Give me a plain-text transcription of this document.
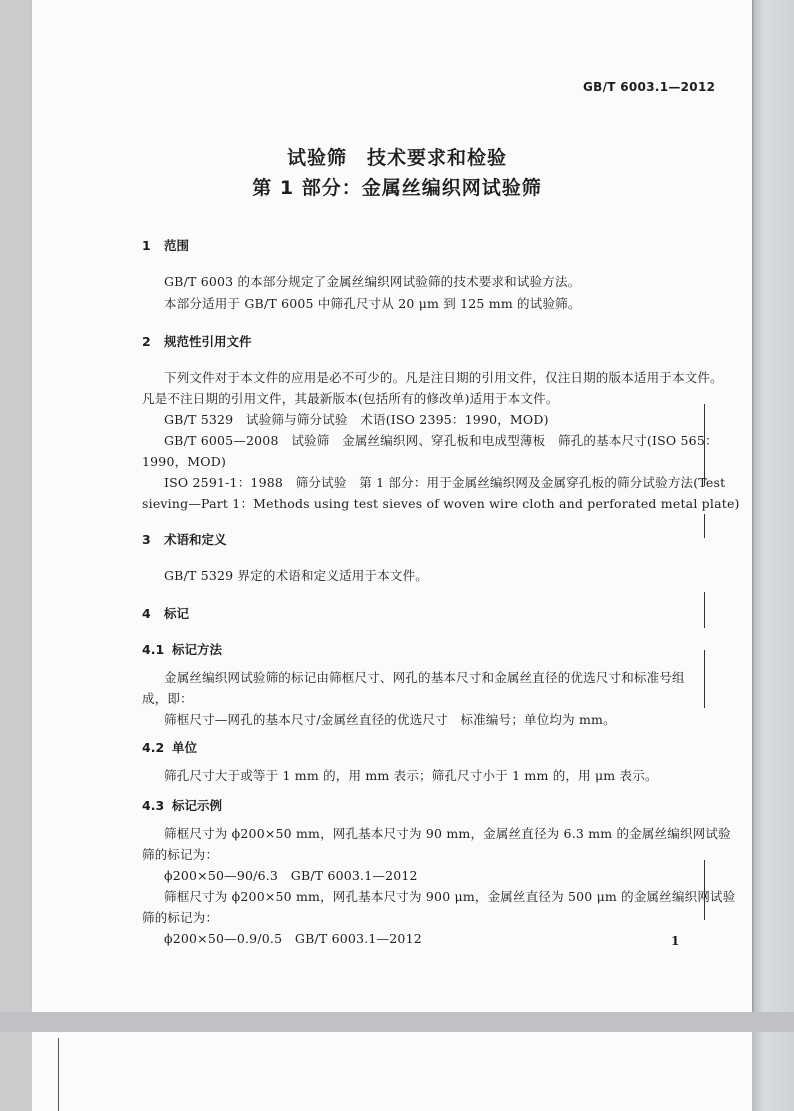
GB/T 6003.1—2012
试验筛　技术要求和检验
第 1 部分：金属丝编织网试验筛
1 范围
GB/T 6003 的本部分规定了金属丝编织网试验筛的技术要求和试验方法。
本部分适用于 GB/T 6005 中筛孔尺寸从 20 μm 到 125 mm 的试验筛。
2 规范性引用文件
下列文件对于本文件的应用是必不可少的。凡是注日期的引用文件，仅注日期的版本适用于本文件。
凡是不注日期的引用文件，其最新版本(包括所有的修改单)适用于本文件。
GB/T 5329　试验筛与筛分试验　术语(ISO 2395：1990，MOD)
GB/T 6005—2008　试验筛　金属丝编织网、穿孔板和电成型薄板　筛孔的基本尺寸(ISO 565：
1990，MOD)
ISO 2591-1：1988　筛分试验　第 1 部分：用于金属丝编织网及金属穿孔板的筛分试验方法(Test
sieving—Part 1：Methods using test sieves of woven wire cloth and perforated metal plate)
3 术语和定义
GB/T 5329 界定的术语和定义适用于本文件。
4 标记
4.1 标记方法
金属丝编织网试验筛的标记由筛框尺寸、网孔的基本尺寸和金属丝直径的优选尺寸和标准号组
成，即：
筛框尺寸—网孔的基本尺寸/金属丝直径的优选尺寸　标准编号；单位均为 mm。
4.2 单位
筛孔尺寸大于或等于 1 mm 的，用 mm 表示；筛孔尺寸小于 1 mm 的，用 μm 表示。
4.3 标记示例
筛框尺寸为 ϕ200×50 mm，网孔基本尺寸为 90 mm，金属丝直径为 6.3 mm 的金属丝编织网试验
筛的标记为：
ϕ200×50—90/6.3　GB/T 6003.1—2012
筛框尺寸为 ϕ200×50 mm，网孔基本尺寸为 900 μm，金属丝直径为 500 μm 的金属丝编织网试验
筛的标记为：
ϕ200×50—0.9/0.5　GB/T 6003.1—2012	1
